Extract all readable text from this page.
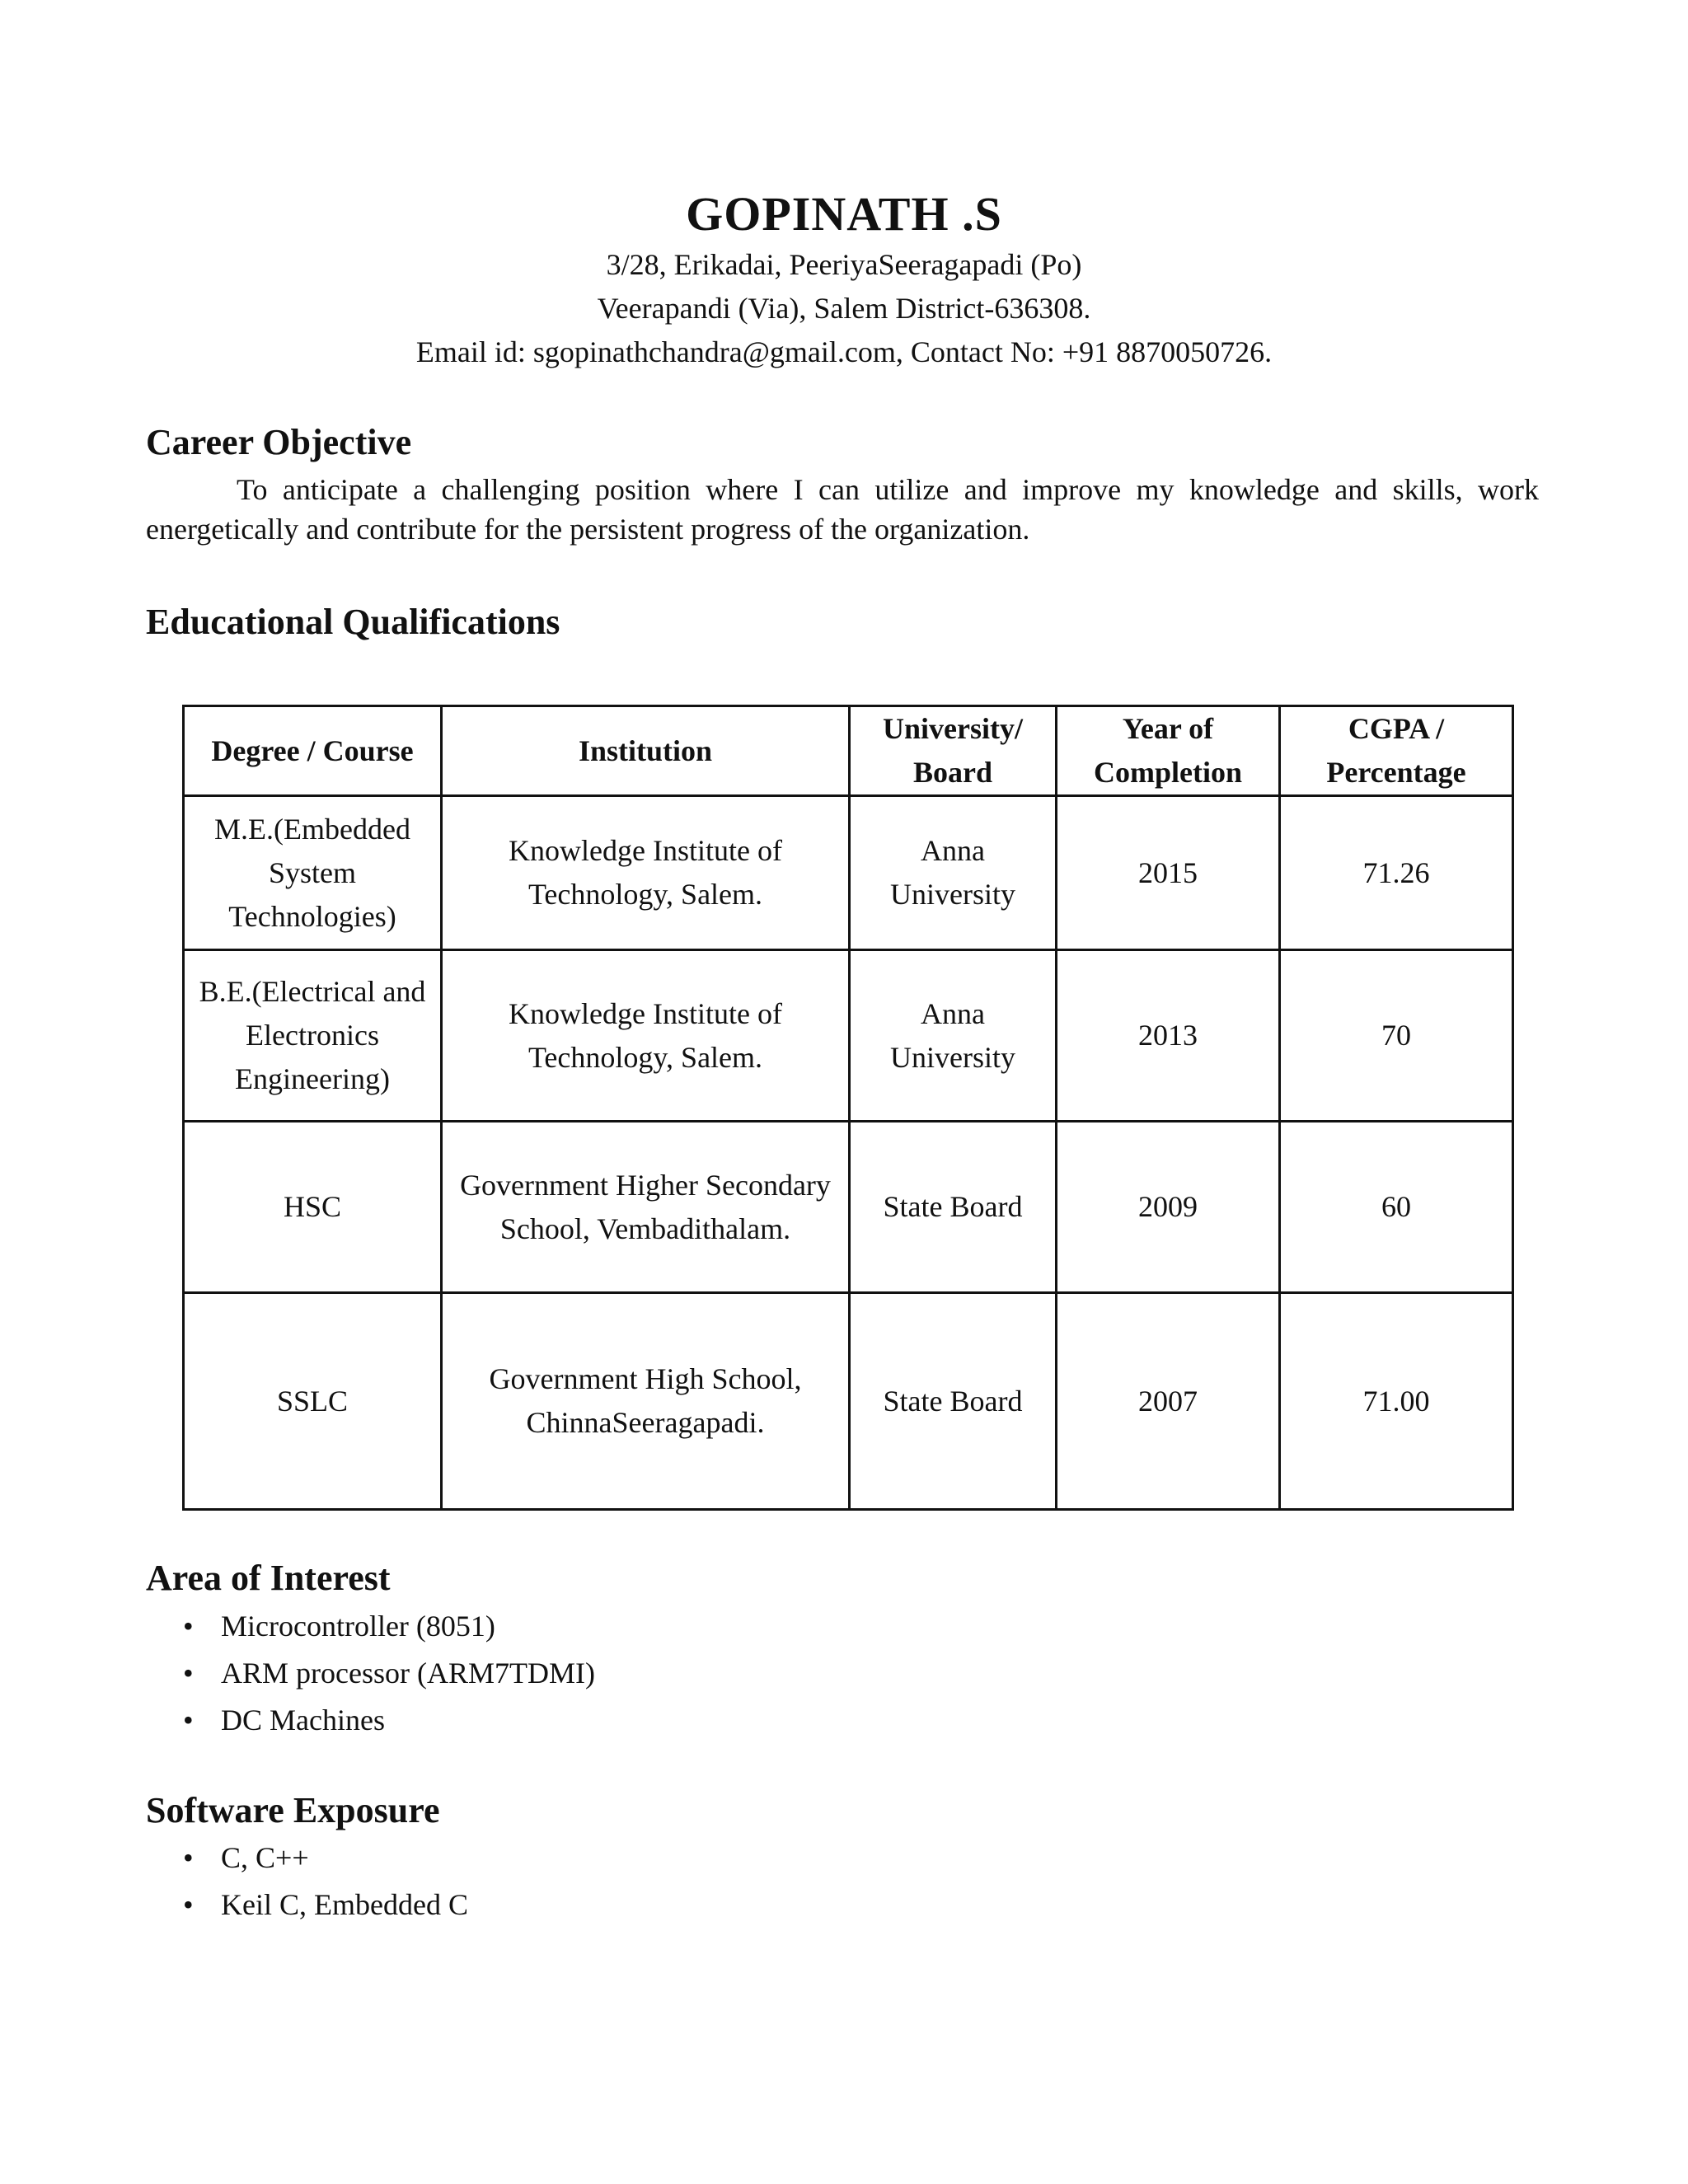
GOPINATH .S
3/28, Erikadai, PeeriyaSeeragapadi (Po)
Veerapandi (Via), Salem District-636308.
Email id: sgopinathchandra@gmail.com, Contact No: +91 8870050726.
Career Objective
To anticipate a challenging position where I can utilize and improve my knowledge and skills, work energetically and contribute for the persistent progress of the organization.
Educational Qualifications
Degree / Course	Institution	University/ Board	Year of Completion	CGPA / Percentage
M.E.(Embedded System Technologies)	Knowledge Institute of Technology, Salem.	Anna University	2015	71.26
B.E.(Electrical and Electronics Engineering)	Knowledge Institute of Technology, Salem.	Anna University	2013	70
HSC	Government Higher Secondary School, Vembadithalam.	State Board	2009	60
SSLC	Government High School, ChinnaSeeragapadi.	State Board	2007	71.00
Area of Interest
• Microcontroller (8051)
• ARM processor (ARM7TDMI)
• DC Machines
Software Exposure
• C, C++
• Keil C, Embedded C
